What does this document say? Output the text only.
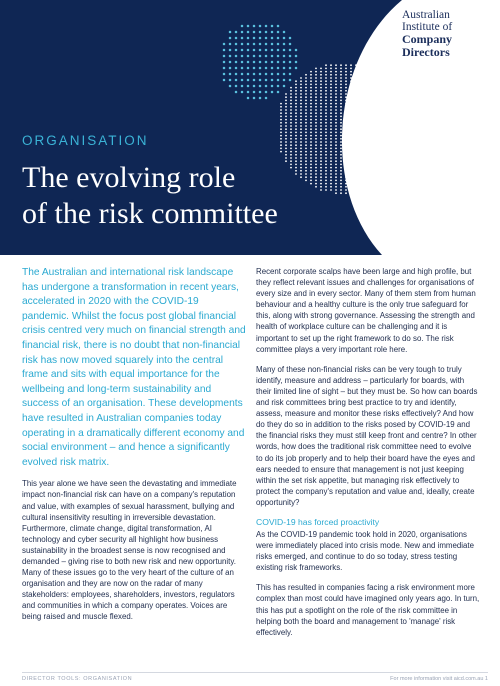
ORGANISATION
The evolving role
of the risk committee
Australian
Institute of
Company
Directors

The Australian and international risk landscape has undergone a transformation in recent years, accelerated in 2020 with the COVID-19 pandemic. Whilst the focus post global financial crisis centred very much on financial strength and financial risk, there is no doubt that non-financial risk has now moved squarely into the central frame and sits with equal importance for the wellbeing and long-term sustainability and success of an organisation. These developments have resulted in Australian companies today operating in a dramatically different economy and social environment – and hence a significantly evolved risk matrix.

This year alone we have seen the devastating and immediate impact non-financial risk can have on a company's reputation and value, with examples of sexual harassment, bullying and cultural insensitivity resulting in irreversible devastation. Furthermore, climate change, digital transformation, AI technology and cyber security all highlight how business sustainability in the broadest sense is now recognised and demanded – giving rise to both new risk and new opportunity. Many of these issues go to the very heart of the culture of an organisation and they are now on the radar of many stakeholders: employees, shareholders, investors, regulators and communities in which a company operates. Voices are being raised and muscle flexed.

Recent corporate scalps have been large and high profile, but they reflect relevant issues and challenges for organisations of every size and in every sector. Many of them stem from human behaviour and a healthy culture is the only true safeguard for this, along with strong governance. Assessing the strength and health of workplace culture can be challenging and it is important to set up the right framework to do so. The risk committee plays a very important role here.

Many of these non-financial risks can be very tough to truly identify, measure and address – particularly for boards, with their limited line of sight – but they must be. So how can boards and risk committees bring best practice to try and identify, assess, measure and monitor these risks effectively? And how do they do so in addition to the risks posed by COVID-19 and the financial risks they must still keep front and centre? In other words, how does the traditional risk committee need to evolve to do its job properly and to help their board have the eyes and ears needed to ensure that management is not just keeping within the set risk appetite, but managing risk effectively to protect the company's reputation and value and, ideally, create opportunity?

COVID-19 has forced proactivity

As the COVID-19 pandemic took hold in 2020, organisations were immediately placed into crisis mode. New and immediate risks emerged, and continue to do so today, stress testing existing risk frameworks.

This has resulted in companies facing a risk environment more complex than most could have imagined only years ago. In turn, this has put a spotlight on the role of the risk committee in helping both the board and management to 'manage' risk effectively.

DIRECTOR TOOLS: ORGANISATION	For more information visit aicd.com.au 1
